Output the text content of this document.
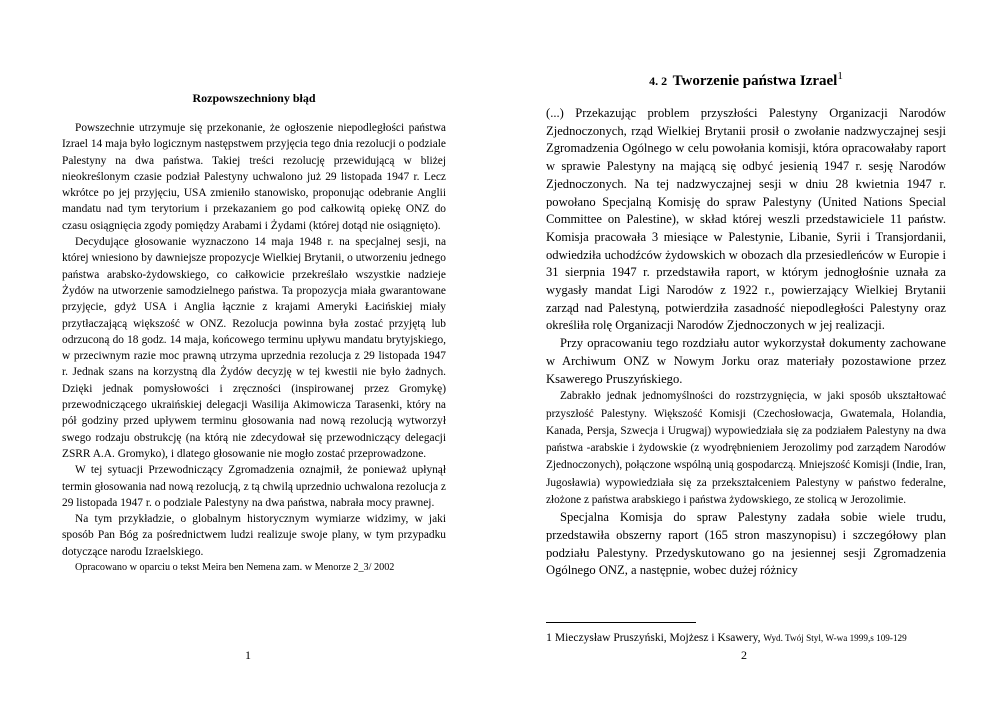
Rozpowszechniony błąd

Powszechnie utrzymuje się przekonanie, że ogłoszenie niepodległości państwa Izrael 14 maja było logicznym następstwem przyjęcia tego dnia rezolucji o podziale Palestyny na dwa państwa. Takiej treści rezolucję przewidującą w bliżej nieokreślonym czasie podział Palestyny uchwalono już 29 listopada 1947 r. Lecz wkrótce po jej przyjęciu, USA zmieniło stanowisko, proponując odebranie Anglii mandatu nad tym terytorium i przekazaniem go pod całkowitą opiekę ONZ do czasu osiągnięcia zgody pomiędzy Arabami i Żydami (której dotąd nie osiągnięto).

Decydujące głosowanie wyznaczono 14 maja 1948 r. na specjalnej sesji, na której wniesiono by dawniejsze propozycje Wielkiej Brytanii, o utworzeniu jednego państwa arabsko-żydowskiego, co całkowicie przekreślało wszystkie nadzieje Żydów na utworzenie samodzielnego państwa. Ta propozycja miała gwarantowane przyjęcie, gdyż USA i Anglia łącznie z krajami Ameryki Łacińskiej miały przytłaczającą większość w ONZ. Rezolucja powinna była zostać przyjętą lub odrzuconą do 18 godz. 14 maja, końcowego terminu upływu mandatu brytyjskiego, w przeciwnym razie moc prawną utrzyma uprzednia rezolucja z 29 listopada 1947 r. Jednak szans na korzystną dla Żydów decyzję w tej kwestii nie było żadnych. Dzięki jednak pomysłowości i zręczności (inspirowanej przez Gromykę) przewodniczącego ukraińskiej delegacji Wasilija Akimowicza Tarasenki, który na pół godziny przed upływem terminu głosowania nad nową rezolucją wytworzył swego rodzaju obstrukcję (na którą nie zdecydował się przewodniczący delegacji ZSRR A.A. Gromyko), i dlatego głosowanie nie mogło zostać przeprowadzone.

W tej sytuacji Przewodniczący Zgromadzenia oznajmił, że ponieważ upłynął termin głosowania nad nową rezolucją, z tą chwilą uprzednio uchwalona rezolucja z 29 listopada 1947 r. o podziale Palestyny na dwa państwa, nabrała mocy prawnej.

Na tym przykładzie, o globalnym historycznym wymiarze widzimy, w jaki sposób Pan Bóg za pośrednictwem ludzi realizuje swoje plany, w tym przypadku dotyczące narodu Izraelskiego.

Opracowano w oparciu o tekst Meira ben Nemena zam. w Menorze 2_3/ 2002

1
4. 2 Tworzenie państwa Izrael$^1$

(...) Przekazując problem przyszłości Palestyny Organizacji Narodów Zjednoczonych, rząd Wielkiej Brytanii prosił o zwołanie nadzwyczajnej sesji Zgromadzenia Ogólnego w celu powołania komisji, która opracowałaby raport w sprawie Palestyny na mającą się odbyć jesienią 1947 r. sesję Narodów Zjednoczonych. Na tej nadzwyczajnej sesji w dniu 28 kwietnia 1947 r. powołano Specjalną Komisję do spraw Palestyny (United Nations Special Committee on Palestine), w skład której weszli przedstawiciele 11 państw. Komisja pracowała 3 miesiące w Palestynie, Libanie, Syrii i Transjordanii, odwiedziła uchodźców żydowskich w obozach dla przesiedleńców w Europie i 31 sierpnia 1947 r. przedstawiła raport, w którym jednogłośnie uznała za wygasły mandat Ligi Narodów z 1922 r., powierzający Wielkiej Brytanii zarząd nad Palestyną, potwierdziła zasadność niepodległości Palestyny oraz określiła rolę Organizacji Narodów Zjednoczonych w jej realizacji.

Przy opracowaniu tego rozdziału autor wykorzystał dokumenty zachowane w Archiwum ONZ w Nowym Jorku oraz materiały pozostawione przez Ksawerego Pruszyńskiego.

Zabrakło jednak jednomyślności do rozstrzygnięcia, w jaki sposób ukształtować przyszłość Palestyny. Większość Komisji (Czechosłowacja, Gwatemala, Holandia, Kanada, Persja, Szwecja i Urugwaj) wypowiedziała się za podziałem Palestyny na dwa państwa -arabskie i żydowskie (z wyodrębnieniem Jerozolimy pod zarządem Narodów Zjednoczonych), połączone wspólną unią gospodarczą. Mniejszość Komisji (Indie, Iran, Jugosławia) wypowiedziała się za przekształceniem Palestyny w państwo federalne, złożone z państwa arabskiego i państwa żydowskiego, ze stolicą w Jerozolimie.

Specjalna Komisja do spraw Palestyny zadała sobie wiele trudu, przedstawiła obszerny raport (165 stron maszynopisu) i szczegółowy plan podziału Palestyny. Przedyskutowano go na jesiennej sesji Zgromadzenia Ogólnego ONZ, a następnie, wobec dużej różnicy

1 Mieczysław Pruszyński, Mojżesz i Ksawery, Wyd. Twój Styl, W-wa 1999,s 109-129
2
